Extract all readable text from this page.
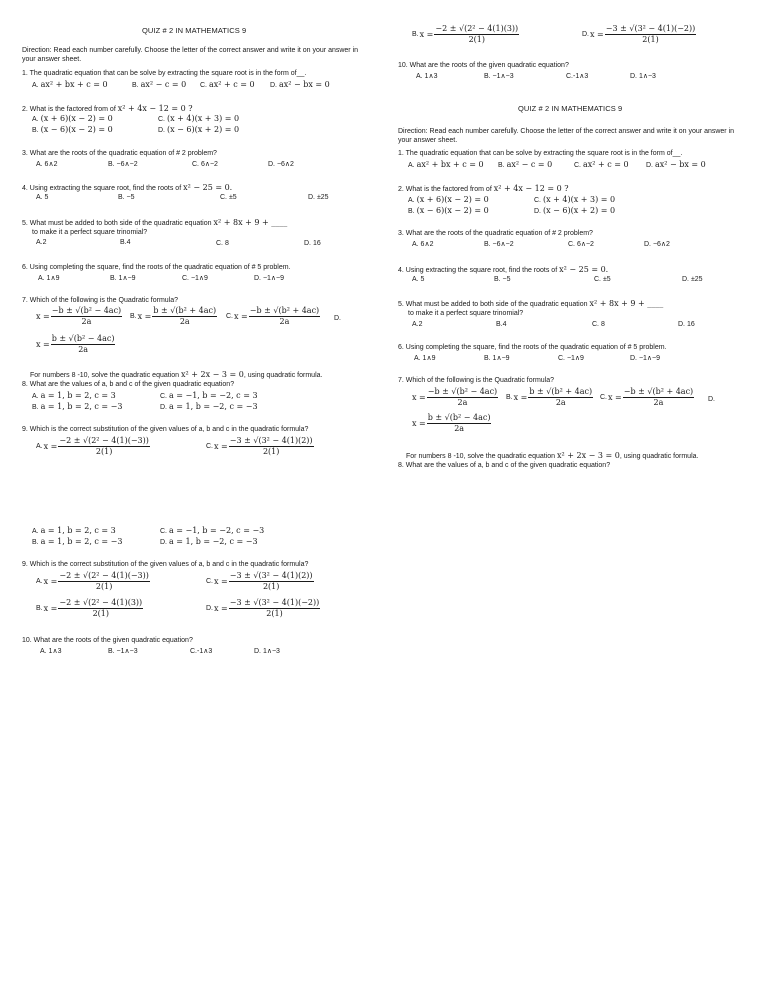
QUIZ # 2 IN MATHEMATICS 9
Direction: Read each number carefully. Choose the letter of the correct answer and write it on your answer in your answer sheet.
1. The quadratic equation that can be solve by extracting the square root is in the form of__.
A. ax² + bx + c = 0	B. ax² − c = 0 C. ax² + c = 0 D. ax² − bx = 0
2. What is the factored from of x² + 4x − 12 = 0 ?
A. (x + 6)(x − 2) = 0	C. (x + 4)(x + 3) = 0
B. (x − 6)(x − 2) = 0	D. (x − 6)(x + 2) = 0
3. What are the roots of the quadratic equation of # 2 problem?
A. 6∧2	B. −6∧−2	C. 6∧−2	D. −6∧2
4. Using extracting the square root, find the roots of x² − 25 = 0.
A. 5	B. −5	C. ±5	D. ±25
5. What must be added to both side of the quadratic equation x² + 8x + 9 + ____
to make it a perfect square trinomial?
A.2	B.4	C. 8	D. 16
6. Using completing the square, find the roots of the quadratic equation of # 5 problem.
A. 1∧9	B. 1∧−9	C. −1∧9	D. −1∧−9
7. Which of the following is the Quadratic formula?
$x = \frac{\text{−b ± √(b² − 4ac)}}{2a} B$. $x = \frac{\text{b ± √(b² + 4ac)}}{2a} C$. $x = \frac{\text{−b ± √(b² + 4ac)}}{2a} D$.
$x = \frac{\text{b ± √(b² − 4ac)}}{2a}$
For numbers 8 -10, solve the quadratic equation x² + 2x − 3 = 0, using quadratic formula.
8. What are the values of a, b and c of the given quadratic equation?
A. a = 1, b = 2, c = 3	C. a = −1, b = −2, c = 3
B. a = 1, b = 2, c = −3	D. a = 1, b = −2, c = −3
9. Which is the correct substitution of the given values of a, b and c in the quadratic formula?
A. $x = \frac{\text{−2 ± √(2² − 4(1)(−3))}}{2(1)}$	C. $x = \frac{\text{−3 ± √(3² − 4(1)(2))}}{2(1)}$
A. a = 1, b = 2, c = 3	C. a = −1, b = −2, c = −3
B. a = 1, b = 2, c = −3	D. a = 1, b = −2, c = −3
9. Which is the correct substitution of the given values of a, b and c in the quadratic formula?
A. $x = \frac{\text{−2 ± √(2² − 4(1)(−3))}}{2(1)}$	C. $x = \frac{\text{−3 ± √(3² − 4(1)(2))}}{2(1)}$
B. $x = \frac{\text{−2 ± √(2² − 4(1)(3))}}{2(1)}$	D. $x = \frac{\text{−3 ± √(3² − 4(1)(−2))}}{2(1)}$
10. What are the roots of the given quadratic equation?
A. 1∧3	B. −1∧−3	C.-1∧3	D. 1∧−3
B. $x = \frac{\text{−2 ± √(2² − 4(1)(3))}}{2(1)}$	D. $x = \frac{\text{−3 ± √(3² − 4(1)(−2))}}{2(1)}$
10. What are the roots of the given quadratic equation?
A. 1∧3	B. −1∧−3	C.-1∧3	D. 1∧−3
QUIZ # 2 IN MATHEMATICS 9
Direction: Read each number carefully. Choose the letter of the correct answer and write it on your answer in your answer sheet.
1. The quadratic equation that can be solve by extracting the square root is in the form of__.
A. ax² + bx + c = 0 B. ax² − c = 0	C. ax² + c = 0 D. ax² − bx = 0
2. What is the factored from of x² + 4x − 12 = 0 ?
A. (x + 6)(x − 2) = 0	C. (x + 4)(x + 3) = 0
B. (x − 6)(x − 2) = 0	D. (x − 6)(x + 2) = 0
3. What are the roots of the quadratic equation of # 2 problem?
A. 6∧2	B. −6∧−2	C. 6∧−2	D. −6∧2
4. Using extracting the square root, find the roots of x² − 25 = 0.
A. 5	B. −5	C. ±5	D. ±25
5. What must be added to both side of the quadratic equation x² + 8x + 9 + ____
to make it a perfect square trinomial?
A.2	B.4	C. 8	D. 16
6. Using completing the square, find the roots of the quadratic equation of # 5 problem.
A. 1∧9	B. 1∧−9	C. −1∧9	D. −1∧−9
7. Which of the following is the Quadratic formula?
$x = \frac{\text{−b ± √(b² − 4ac)}}{2a} B$. $x = \frac{\text{b ± √(b² + 4ac)}}{2a} C$. $x = \frac{\text{−b ± √(b² + 4ac)}}{2a} D$.
$x = \frac{\text{b ± √(b² − 4ac)}}{2a}$
For numbers 8 -10, solve the quadratic equation x² + 2x − 3 = 0, using quadratic formula.
8. What are the values of a, b and c of the given quadratic equation?
